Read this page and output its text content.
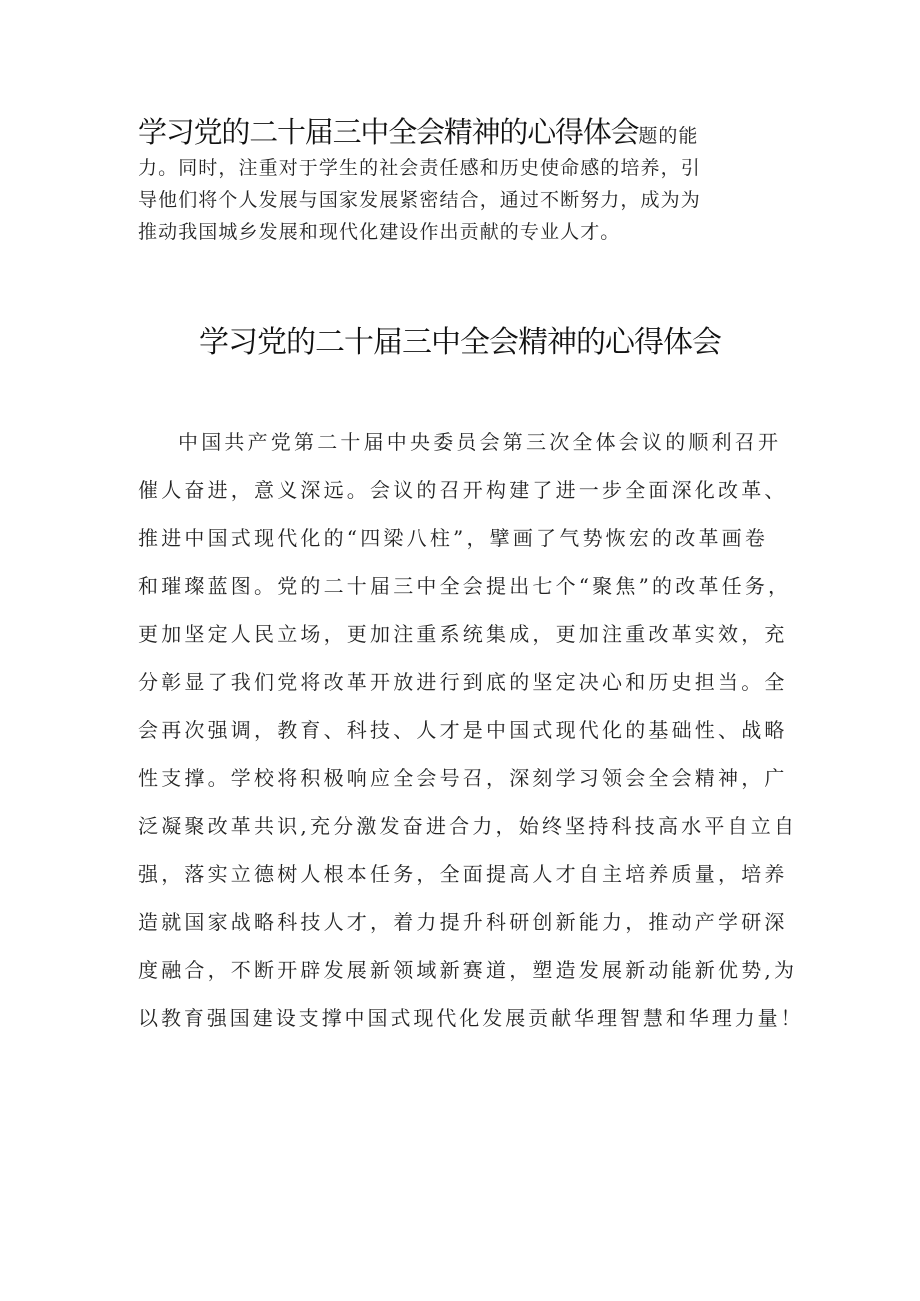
学习党的二十届三中全会精神的心得体会题的能
力。同时，注重对于学生的社会责任感和历史使命感的培养，引
导他们将个人发展与国家发展紧密结合，通过不断努力，成为为
推动我国城乡发展和现代化建设作出贡献的专业人才。
学习党的二十届三中全会精神的心得体会
中国共产党第二十届中央委员会第三次全体会议的顺利召开
催人奋进，意义深远。会议的召开构建了进一步全面深化改革、
推进中国式现代化的“四梁八柱”，擘画了气势恢宏的改革画卷
和璀璨蓝图。党的二十届三中全会提出七个“聚焦”的改革任务，
更加坚定人民立场，更加注重系统集成，更加注重改革实效，充
分彰显了我们党将改革开放进行到底的坚定决心和历史担当。全
会再次强调，教育、科技、人才是中国式现代化的基础性、战略
性支撑。学校将积极响应全会号召，深刻学习领会全会精神，广
泛凝聚改革共识,充分激发奋进合力，始终坚持科技高水平自立自
强，落实立德树人根本任务，全面提高人才自主培养质量，培养
造就国家战略科技人才，着力提升科研创新能力，推动产学研深
度融合，不断开辟发展新领域新赛道，塑造发展新动能新优势,为
以教育强国建设支撑中国式现代化发展贡献华理智慧和华理力量！
